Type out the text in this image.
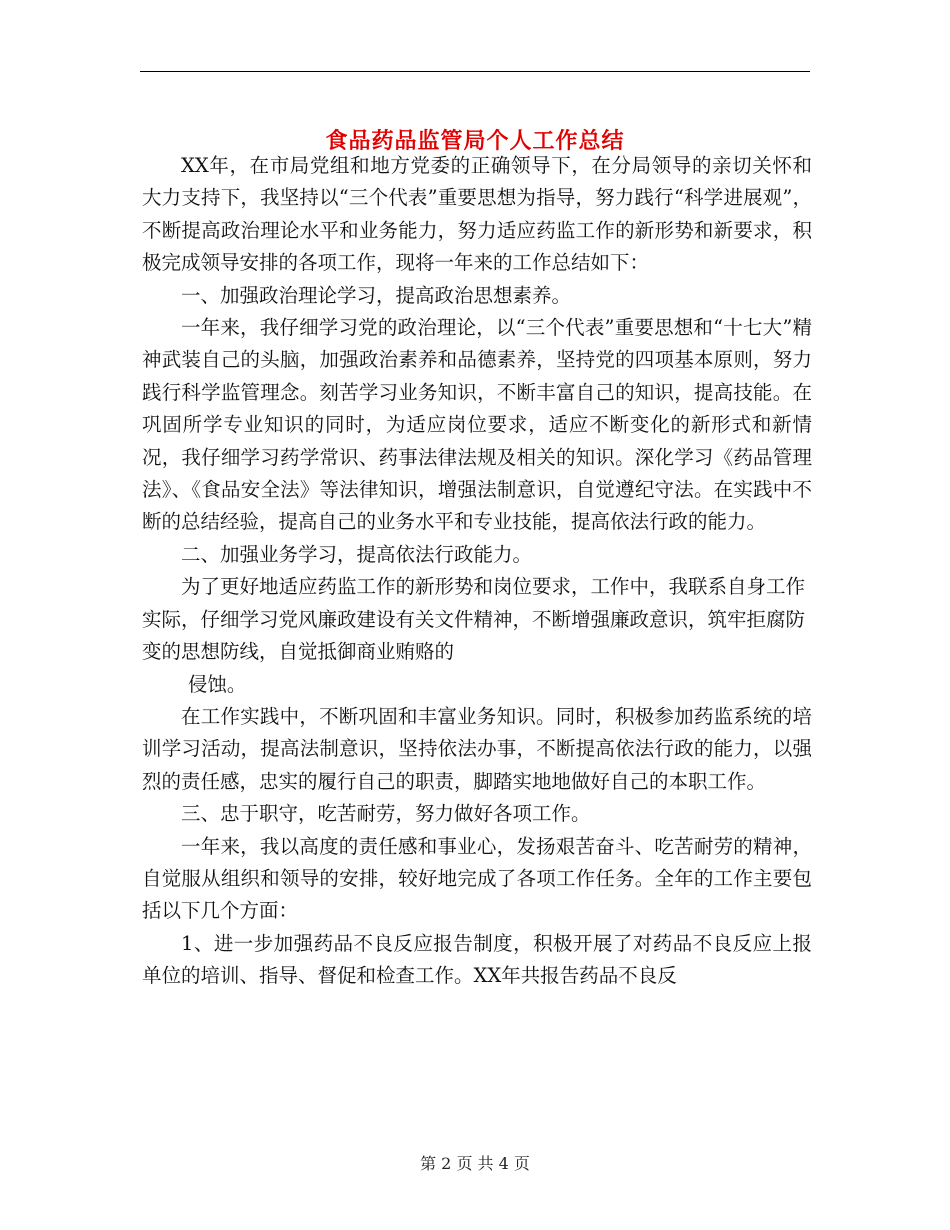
食品药品监管局个人工作总结

XX年，在市局党组和地方党委的正确领导下，在分局领导的亲切关怀和大力支持下，我坚持以“三个代表”重要思想为指导，努力践行“科学进展观”，不断提高政治理论水平和业务能力，努力适应药监工作的新形势和新要求，积极完成领导安排的各项工作，现将一年来的工作总结如下：

一、加强政治理论学习，提高政治思想素养。

一年来，我仔细学习党的政治理论，以“三个代表”重要思想和“十七大”精神武装自己的头脑，加强政治素养和品德素养，坚持党的四项基本原则，努力践行科学监管理念。刻苦学习业务知识，不断丰富自己的知识，提高技能。在巩固所学专业知识的同时，为适应岗位要求，适应不断变化的新形式和新情况，我仔细学习药学常识、药事法律法规及相关的知识。深化学习《药品管理法》、《食品安全法》等法律知识，增强法制意识，自觉遵纪守法。在实践中不断的总结经验，提高自己的业务水平和专业技能，提高依法行政的能力。

二、加强业务学习，提高依法行政能力。

为了更好地适应药监工作的新形势和岗位要求，工作中，我联系自身工作实际，仔细学习党风廉政建设有关文件精神，不断增强廉政意识，筑牢拒腐防变的思想防线，自觉抵御商业贿赂的

侵蚀。

在工作实践中，不断巩固和丰富业务知识。同时，积极参加药监系统的培训学习活动，提高法制意识，坚持依法办事，不断提高依法行政的能力，以强烈的责任感，忠实的履行自己的职责，脚踏实地地做好自己的本职工作。

三、忠于职守，吃苦耐劳，努力做好各项工作。

一年来，我以高度的责任感和事业心，发扬艰苦奋斗、吃苦耐劳的精神，自觉服从组织和领导的安排，较好地完成了各项工作任务。全年的工作主要包括以下几个方面：

1、进一步加强药品不良反应报告制度，积极开展了对药品不良反应上报单位的培训、指导、督促和检查工作。XX年共报告药品不良反

第 2 页 共 4 页
